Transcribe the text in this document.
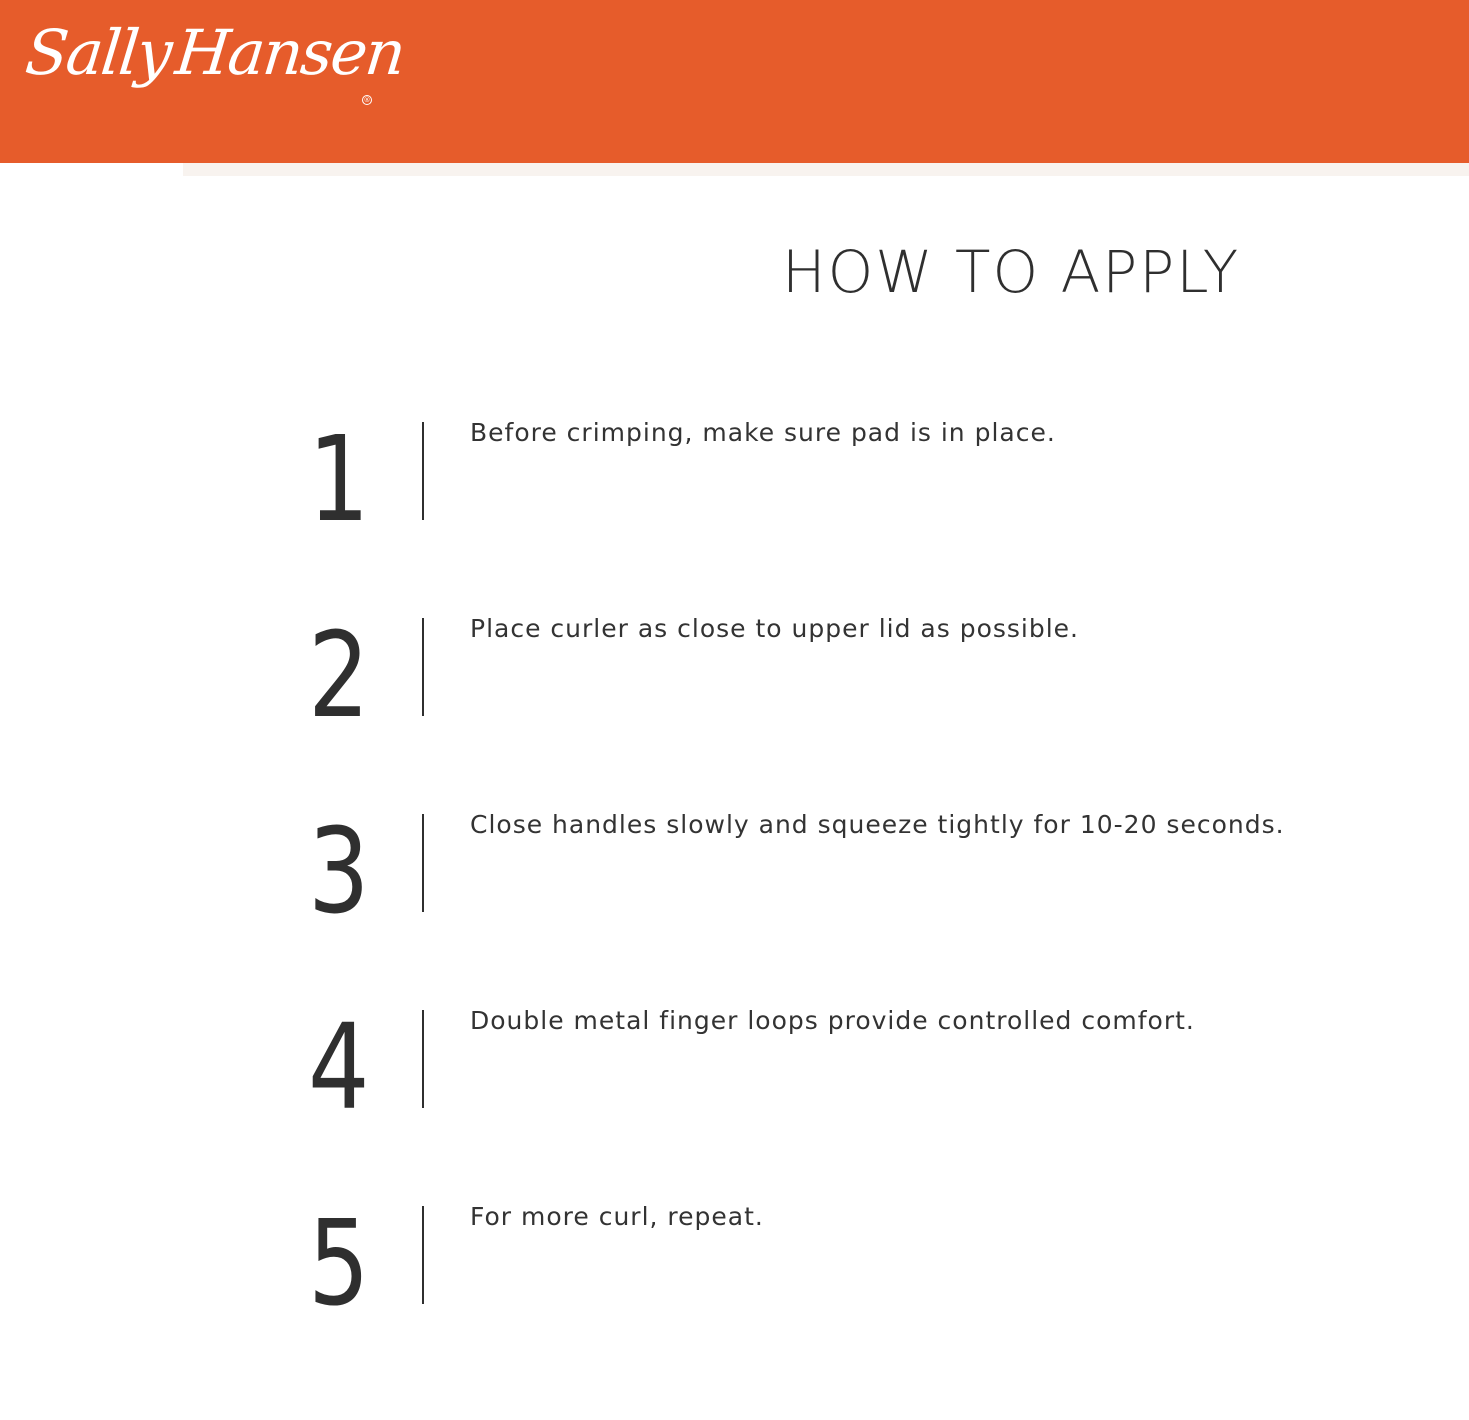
SallyHansen
®
HOW TO APPLY
1	Before crimping, make sure pad is in place.
2	Place curler as close to upper lid as possible.
3	Close handles slowly and squeeze tightly for 10-20 seconds.
4	Double metal finger loops provide controlled comfort.
5	For more curl, repeat.
